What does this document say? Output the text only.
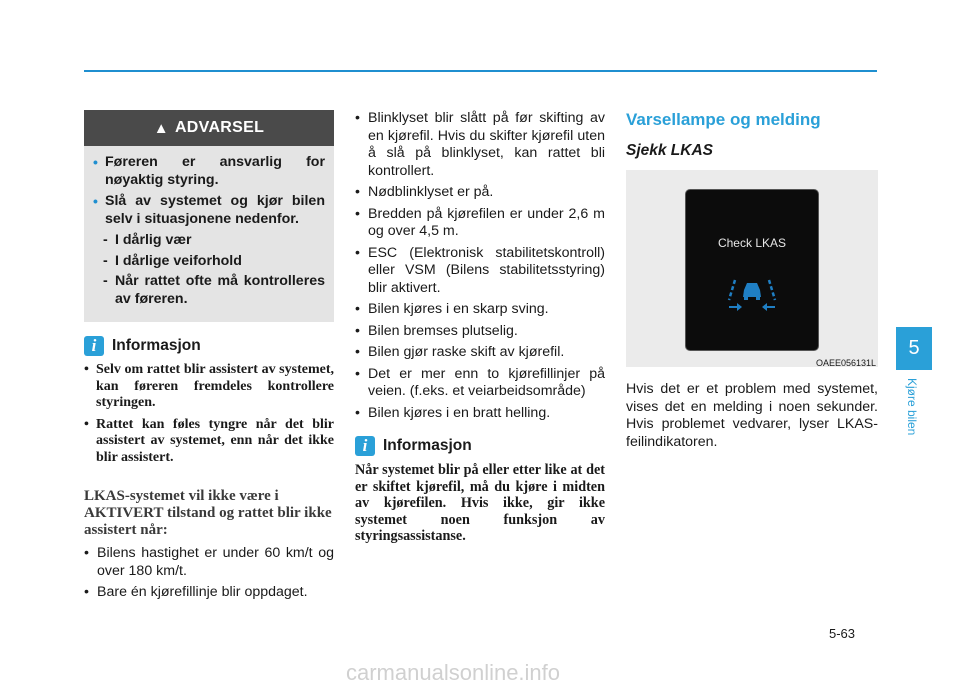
▲ ADVARSEL
• Føreren er ansvarlig for nøyaktig styring.
• Slå av systemet og kjør bilen selv i situasjonene nedenfor.
- I dårlig vær
- I dårlige veiforhold
- Når rattet ofte må kontrolleres av føreren.
i	Informasjon
• Selv om rattet blir assistert av systemet, kan føreren fremdeles kontrollere styringen.
• Rattet kan føles tyngre når det blir assistert av systemet, enn når det ikke blir assistert.
LKAS-systemet vil ikke være i AKTIVERT tilstand og rattet blir ikke assistert når:
• Bilens hastighet er under 60 km/t og over 180 km/t.
• Bare én kjørefillinje blir oppdaget.
• Blinklyset blir slått på før skifting av en kjørefil. Hvis du skifter kjørefil uten å slå på blinklyset, kan rattet bli kontrollert.
• Nødblinklyset er på.
• Bredden på kjørefilen er under 2,6 m og over 4,5 m.
• ESC (Elektronisk stabilitetskontroll) eller VSM (Bilens stabilitetsstyring) blir aktivert.
• Bilen kjøres i en skarp sving.
• Bilen bremses plutselig.
• Bilen gjør raske skift av kjørefil.
• Det er mer enn to kjørefillinjer på veien. (f.eks. et veiarbeidsområde)
• Bilen kjøres i en bratt helling.
i	Informasjon
Når systemet blir på eller etter like at det er skiftet kjørefil, må du kjøre i midten av kjørefilen. Hvis ikke, gir ikke systemet noen funksjon av styringsassistanse.
Varsellampe og melding
Sjekk LKAS
Check LKAS
OAEE056131L
Hvis det er et problem med systemet, vises det en melding i noen sekunder. Hvis problemet vedvarer, lyser LKAS-feilindikatoren.
5
Kjøre bilen
5-63
carmanualsonline.info
